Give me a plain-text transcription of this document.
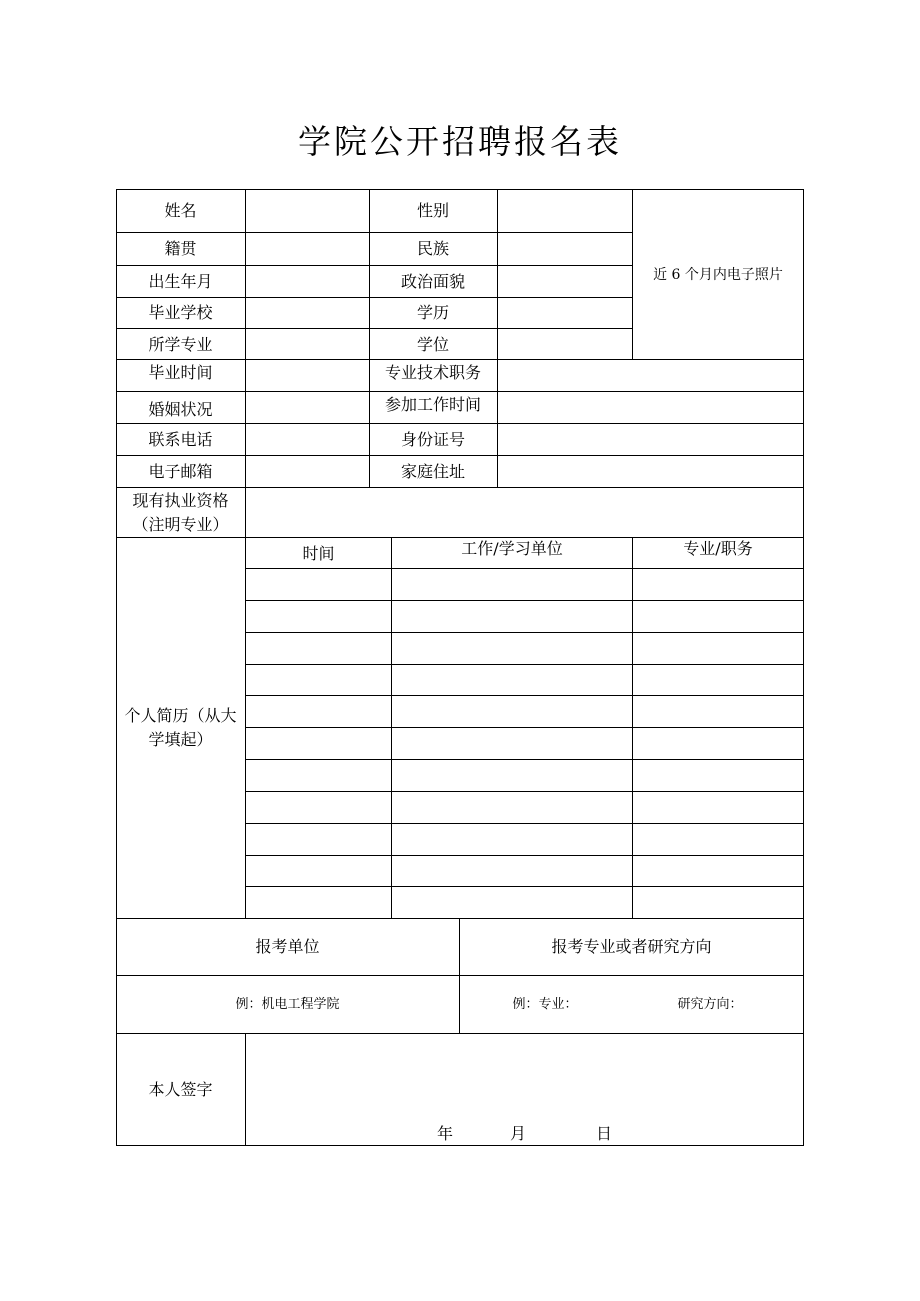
学院公开招聘报名表
姓名	性别
近 6 个月内电子照片
籍贯	民族
出生年月	政治面貌
毕业学校	学历
所学专业	学位
毕业时间	专业技术职务
婚姻状况	参加工作时间
联系电话	身份证号
电子邮箱	家庭住址
现有执业资格
（注明专业）
个人简历（从大
学填起）
时间	工作/学习单位	专业/职务
报考单位	报考专业或者研究方向
例：机电工程学院	例：专业：	研究方向：
本人签字
年	月	日
